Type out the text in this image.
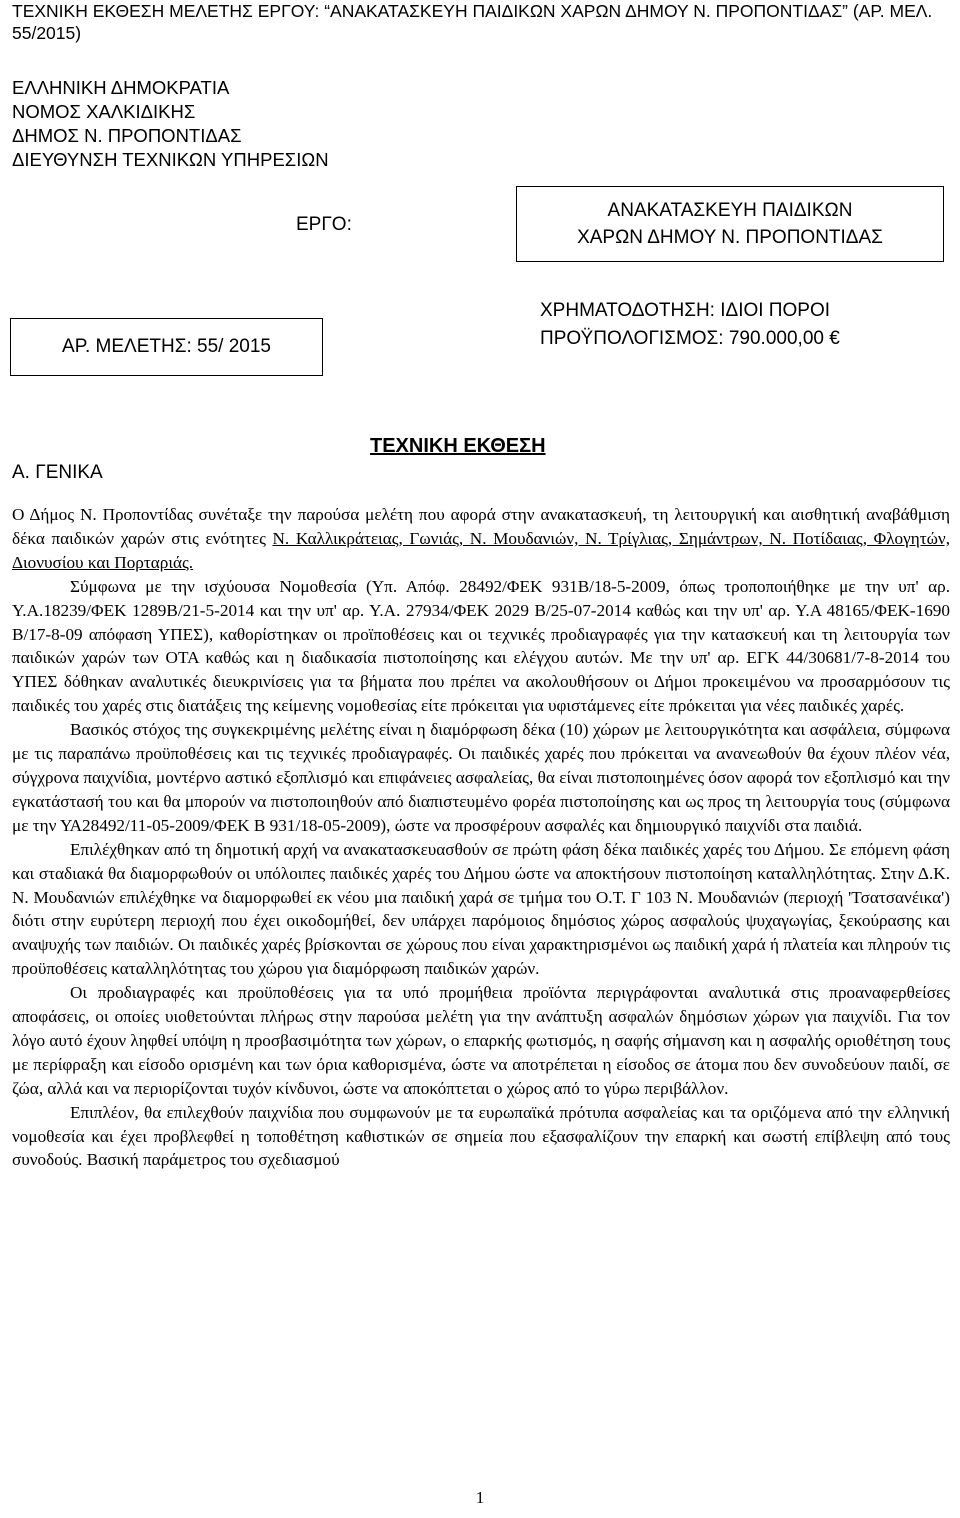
ΤΕΧΝΙΚΗ ΕΚΘΕΣΗ ΜΕΛΕΤΗΣ ΕΡΓΟΥ: “ΑΝΑΚΑΤΑΣΚΕΥΗ ΠΑΙΔΙΚΩΝ ΧΑΡΩΝ ΔΗΜΟΥ Ν. ΠΡΟΠΟΝΤΙΔΑΣ” (ΑΡ. ΜΕΛ. 55/2015)
ΕΛΛΗΝΙΚΗ ΔΗΜΟΚΡΑΤΙΑ
ΝΟΜΟΣ ΧΑΛΚΙΔΙΚΗΣ
ΔΗΜΟΣ Ν. ΠΡΟΠΟΝΤΙΔΑΣ
ΔΙΕΥΘΥΝΣΗ ΤΕΧΝΙΚΩΝ ΥΠΗΡΕΣΙΩΝ
ΕΡΓΟ:
ΑΝΑΚΑΤΑΣΚΕΥΗ ΠΑΙΔΙΚΩΝ
ΧΑΡΩΝ ΔΗΜΟΥ Ν. ΠΡΟΠΟΝΤΙΔΑΣ
ΧΡΗΜΑΤΟΔΟΤΗΣΗ: ΙΔΙΟΙ ΠΟΡΟΙ
ΠΡΟΫΠΟΛΟΓΙΣΜΟΣ: 790.000,00 €
ΑΡ. ΜΕΛΕΤΗΣ: 55/ 2015
ΤΕΧΝΙΚΗ ΕΚΘΕΣΗ
Α. ΓΕΝΙΚΑ

Ο Δήμος Ν. Προποντίδας συνέταξε την παρούσα μελέτη που αφορά στην ανακατασκευή, τη λειτουργική και αισθητική αναβάθμιση δέκα παιδικών χαρών στις ενότητες Ν. Καλλικράτειας, Γωνιάς, Ν. Μουδανιών, Ν. Τρίγλιας, Σημάντρων, Ν. Ποτίδαιας, Φλογητών, Διονυσίου και Πορταριάς.

Σύμφωνα με την ισχύουσα Νομοθεσία (Υπ. Απόφ. 28492/ΦΕΚ 931Β/18-5-2009, όπως τροποποιήθηκε με την υπ' αρ. Υ.Α.18239/ΦΕΚ 1289Β/21-5-2014 και την υπ' αρ. Υ.Α. 27934/ΦΕΚ 2029 Β/25-07-2014 καθώς και την υπ' αρ. Υ.Α 48165/ΦΕΚ-1690 Β/17-8-09 απόφαση ΥΠΕΣ), καθορίστηκαν οι προϊποθέσεις και οι τεχνικές προδιαγραφές για την κατασκευή και τη λειτουργία των παιδικών χαρών των ΟΤΑ καθώς και η διαδικασία πιστοποίησης και ελέγχου αυτών. Με την υπ' αρ. ΕΓΚ 44/30681/7-8-2014 του ΥΠΕΣ δόθηκαν αναλυτικές διευκρινίσεις για τα βήματα που πρέπει να ακολουθήσουν οι Δήμοι προκειμένου να προσαρμόσουν τις παιδικές του χαρές στις διατάξεις της κείμενης νομοθεσίας είτε πρόκειται για υφιστάμενες είτε πρόκειται για νέες παιδικές χαρές.

Βασικός στόχος της συγκεκριμένης μελέτης είναι η διαμόρφωση δέκα (10) χώρων με λειτουργικότητα και ασφάλεια, σύμφωνα με τις παραπάνω προϋποθέσεις και τις τεχνικές προδιαγραφές. Οι παιδικές χαρές που πρόκειται να ανανεωθούν θα έχουν πλέον νέα, σύγχρονα παιχνίδια, μοντέρνο αστικό εξοπλισμό και επιφάνειες ασφαλείας, θα είναι πιστοποιημένες όσον αφορά τον εξοπλισμό και την εγκατάστασή του και θα μπορούν να πιστοποιηθούν από διαπιστευμένο φορέα πιστοποίησης και ως προς τη λειτουργία τους (σύμφωνα με την ΥΑ28492/11-05-2009/ΦΕΚ Β 931/18-05-2009), ώστε να προσφέρουν ασφαλές και δημιουργικό παιχνίδι στα παιδιά.

Επιλέχθηκαν από τη δημοτική αρχή να ανακατασκευασθούν σε πρώτη φάση δέκα παιδικές χαρές του Δήμου. Σε επόμενη φάση και σταδιακά θα διαμορφωθούν οι υπόλοιπες παιδικές χαρές του Δήμου ώστε να αποκτήσουν πιστοποίηση καταλληλότητας. Στην Δ.Κ. Ν. Μουδανιών επιλέχθηκε να διαμορφωθεί εκ νέου μια παιδική χαρά σε τμήμα του Ο.Τ. Γ 103 Ν. Μουδανιών (περιοχή 'Τσατσανέικα') διότι στην ευρύτερη περιοχή που έχει οικοδομήθεί, δεν υπάρχει παρόμοιος δημόσιος χώρος ασφαλούς ψυχαγωγίας, ξεκούρασης και αναψυχής των παιδιών. Οι παιδικές χαρές βρίσκονται σε χώρους που είναι χαρακτηρισμένοι ως παιδική χαρά ή πλατεία και πληρούν τις προϋποθέσεις καταλληλότητας του χώρου για διαμόρφωση παιδικών χαρών.

Οι προδιαγραφές και προϋποθέσεις για τα υπό προμήθεια προϊόντα περιγράφονται αναλυτικά στις προαναφερθείσες αποφάσεις, οι οποίες υιοθετούνται πλήρως στην παρούσα μελέτη για την ανάπτυξη ασφαλών δημόσιων χώρων για παιχνίδι. Για τον λόγο αυτό έχουν ληφθεί υπόψη η προσβασιμότητα των χώρων, ο επαρκής φωτισμός, η σαφής σήμανση και η ασφαλής οριοθέτηση τους με περίφραξη και είσοδο ορισμένη και των όρια καθορισμένα, ώστε να αποτρέπεται η είσοδος σε άτομα που δεν συνοδεύουν παιδί, σε ζώα, αλλά και να περιορίζονται τυχόν κίνδυνοι, ώστε να αποκόπτεται ο χώρος από το γύρω περιβάλλον.

Επιπλέον, θα επιλεχθούν παιχνίδια που συμφωνούν με τα ευρωπαϊκά πρότυπα ασφαλείας και τα οριζόμενα από την ελληνική νομοθεσία και έχει προβλεφθεί η τοποθέτηση καθιστικών σε σημεία που εξασφαλίζουν την επαρκή και σωστή επίβλεψη από τους συνοδούς. Βασική παράμετρος του σχεδιασμού

1
